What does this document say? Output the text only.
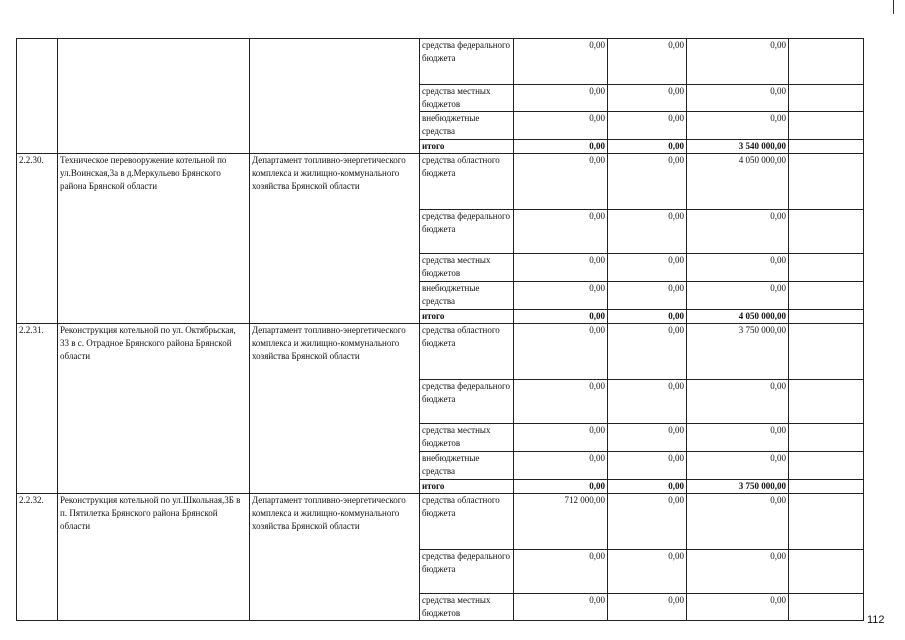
			средства федерального бюджета	0,00	0,00	0,00	
			средства местных бюджетов	0,00	0,00	0,00	
			внебюджетные средства	0,00	0,00	0,00	
			итого	0,00	0,00	3 540 000,00	
2.2.30.	Техническое перевооружение котельной по ул.Воинская,3а в д.Меркульево Брянского района Брянской области	Департамент топливно-энергетического комплекса и жилищно-коммунального хозяйства Брянской области	средства областного бюджета	0,00	0,00	4 050 000,00	
			средства федерального бюджета	0,00	0,00	0,00	
			средства местных бюджетов	0,00	0,00	0,00	
			внебюджетные средства	0,00	0,00	0,00	
			итого	0,00	0,00	4 050 000,00	
2.2.31.	Реконструкция котельной по ул. Октябрьская, 33 в с. Отрадное Брянского района Брянской области	Департамент топливно-энергетического комплекса и жилищно-коммунального хозяйства Брянской области	средства областного бюджета	0,00	0,00	3 750 000,00	
			средства федерального бюджета	0,00	0,00	0,00	
			средства местных бюджетов	0,00	0,00	0,00	
			внебюджетные средства	0,00	0,00	0,00	
			итого	0,00	0,00	3 750 000,00	
2.2.32.	Реконструкция котельной по ул.Школьная,3Б в п. Пятилетка Брянского района Брянской области	Департамент топливно-энергетического комплекса и жилищно-коммунального хозяйства Брянской области	средства областного бюджета	712 000,00	0,00	0,00	
			средства федерального бюджета	0,00	0,00	0,00	
			средства местных бюджетов	0,00	0,00	0,00	
112
